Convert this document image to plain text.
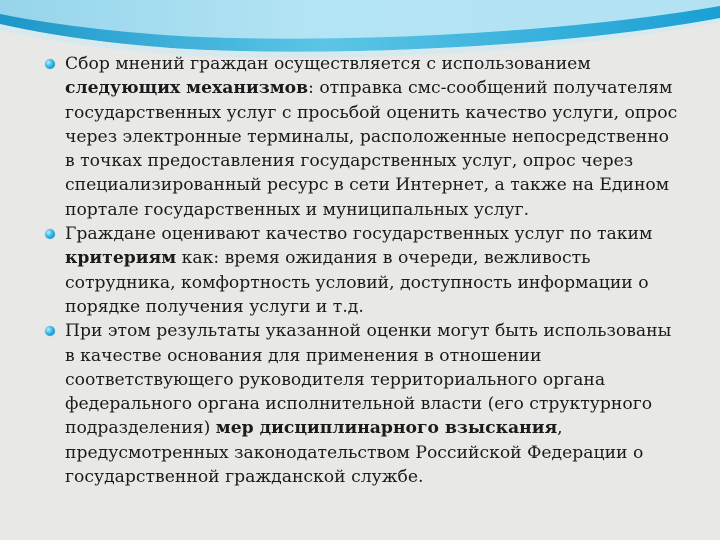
Сбор мнений граждан осуществляется с использованием следующих механизмов: отправка смс-сообщений получателям государственных услуг с просьбой оценить качество услуги, опрос через электронные терминалы, расположенные непосредственно в точках предоставления государственных услуг, опрос через специализированный ресурс в сети Интернет, а также на Едином портале государственных и муниципальных услуг.

Граждане оценивают качество государственных услуг по таким критериям как: время ожидания в очереди, вежливость сотрудника, комфортность условий, доступность информации о порядке получения услуги и т.д.

При этом результаты указанной оценки могут быть использованы в качестве основания для применения в отношении соответствующего руководителя территориального органа федерального органа исполнительной власти (его структурного подразделения) мер дисциплинарного взыскания, предусмотренных законодательством Российской Федерации о государственной гражданской службе.
